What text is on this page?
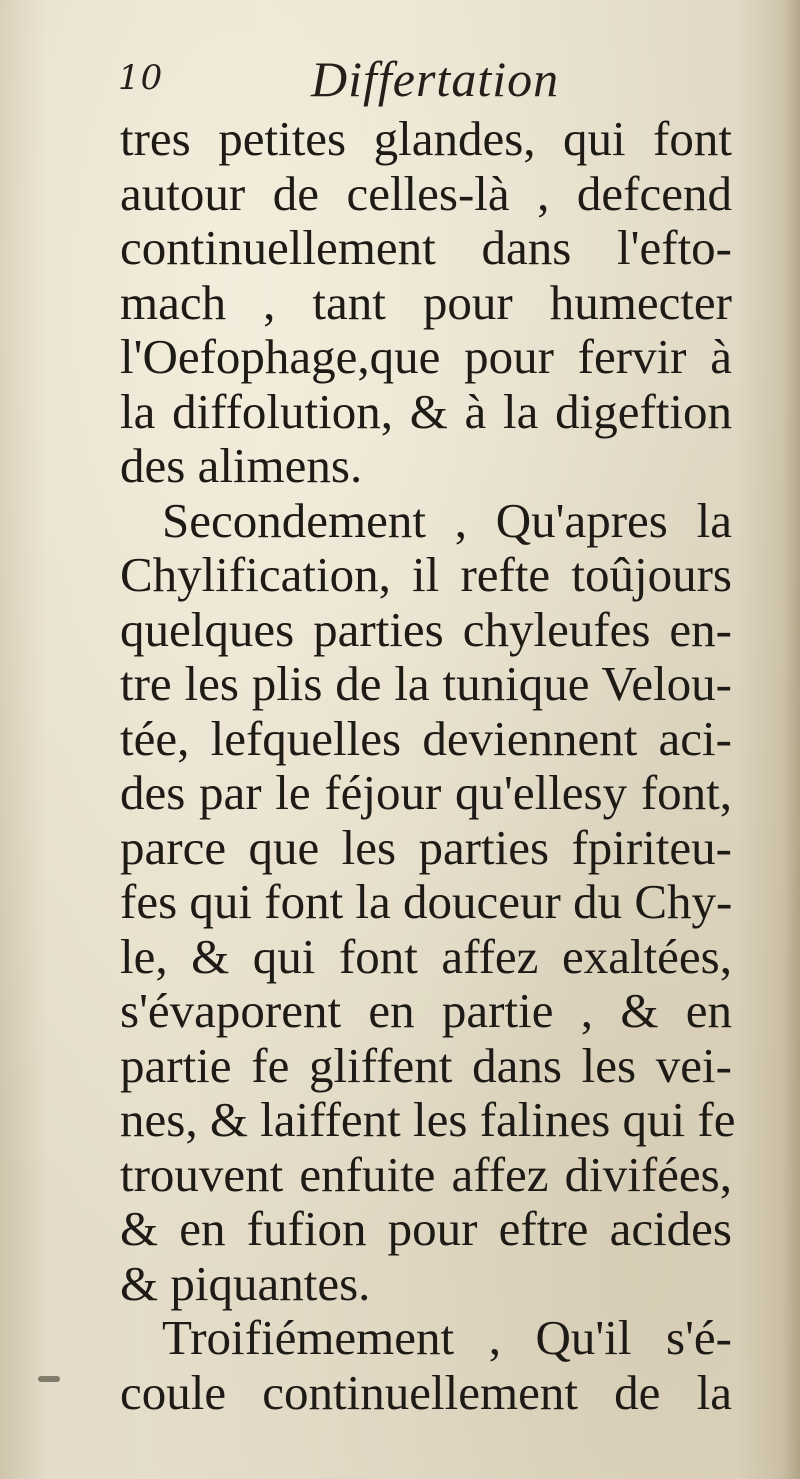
10	Differtation
tres petites glandes, qui font
autour de celles-là , defcend
continuellement dans l'efto-
mach , tant pour humecter
l'Oefophage,que pour fervir à
la diffolution, & à la digeftion
des alimens.
Secondement , Qu'apres la
Chylification, il refte toûjours
quelques parties chyleufes en-
tre les plis de la tunique Velou-
tée, lefquelles deviennent aci-
des par le féjour qu'ellesy font,
parce que les parties fpiriteu-
fes qui font la douceur du Chy-
le, & qui font affez exaltées,
s'évaporent en partie , & en
partie fe gliffent dans les vei-
nes, & laiffent les falines qui fe
trouvent enfuite affez divifées,
& en fufion pour eftre acides
& piquantes.
Troifiémement , Qu'il s'é-
coule continuellement de la
